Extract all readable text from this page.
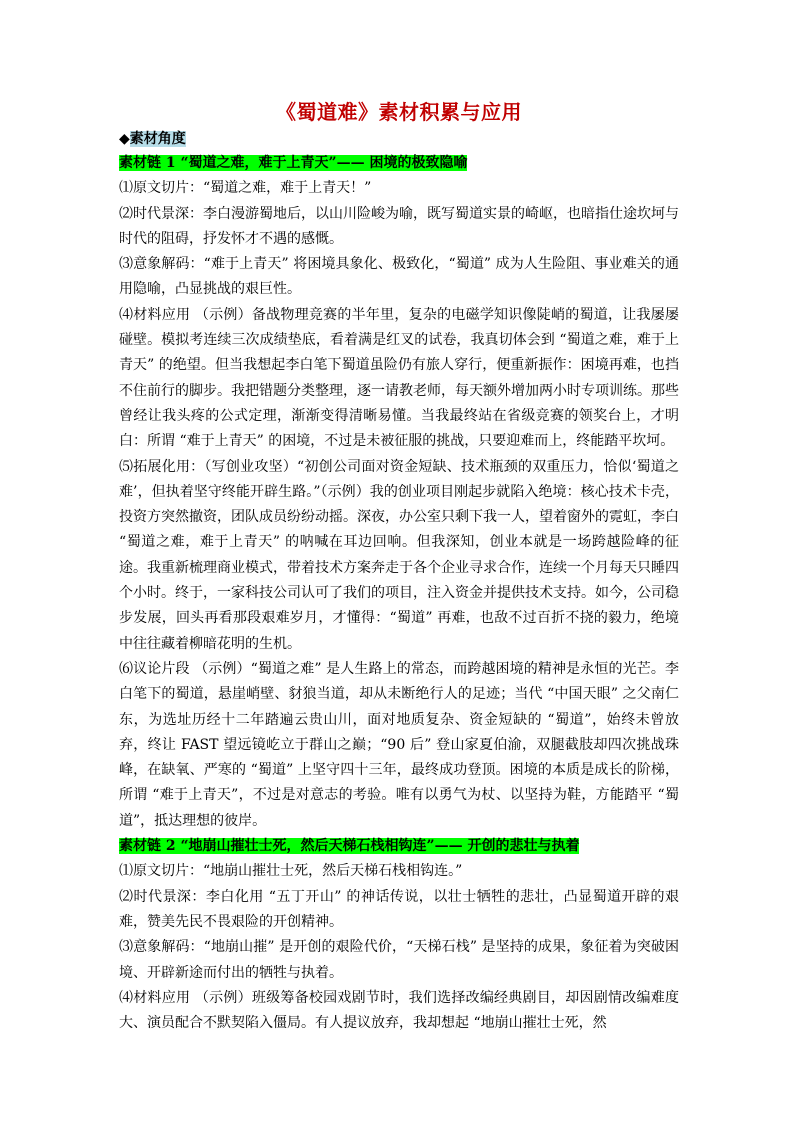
《蜀道难》素材积累与应用
◆素材角度

素材链 1 “蜀道之难，难于上青天”—— 困境的极致隐喻

⑴原文切片：“蜀道之难，难于上青天！”

⑵时代景深：李白漫游蜀地后，以山川险峻为喻，既写蜀道实景的崎岖，也暗指仕途坎坷与时代的阻碍，抒发怀才不遇的感慨。

⑶意象解码：“难于上青天” 将困境具象化、极致化，“蜀道” 成为人生险阻、事业难关的通用隐喻，凸显挑战的艰巨性。

⑷材料应用 （示例）备战物理竞赛的半年里，复杂的电磁学知识像陡峭的蜀道，让我屡屡碰壁。模拟考连续三次成绩垫底，看着满是红叉的试卷，我真切体会到 “蜀道之难，难于上青天” 的绝望。但当我想起李白笔下蜀道虽险仍有旅人穿行，便重新振作：困境再难，也挡不住前行的脚步。我把错题分类整理，逐一请教老师，每天额外增加两小时专项训练。那些曾经让我头疼的公式定理，渐渐变得清晰易懂。当我最终站在省级竞赛的领奖台上，才明白：所谓 “难于上青天” 的困境，不过是未被征服的挑战，只要迎难而上，终能踏平坎坷。

⑸拓展化用：（写创业攻坚）“初创公司面对资金短缺、技术瓶颈的双重压力，恰似‘蜀道之难’，但执着坚守终能开辟生路。”（示例）我的创业项目刚起步就陷入绝境：核心技术卡壳，投资方突然撤资，团队成员纷纷动摇。深夜，办公室只剩下我一人，望着窗外的霓虹，李白 “蜀道之难，难于上青天” 的呐喊在耳边回响。但我深知，创业本就是一场跨越险峰的征途。我重新梳理商业模式，带着技术方案奔走于各个企业寻求合作，连续一个月每天只睡四个小时。终于，一家科技公司认可了我们的项目，注入资金并提供技术支持。如今，公司稳步发展，回头再看那段艰难岁月，才懂得：“蜀道” 再难，也敌不过百折不挠的毅力，绝境中往往藏着柳暗花明的生机。

⑹议论片段 （示例）“蜀道之难” 是人生路上的常态，而跨越困境的精神是永恒的光芒。李白笔下的蜀道，悬崖峭壁、豺狼当道，却从未断绝行人的足迹；当代 “中国天眼” 之父南仁东，为选址历经十二年踏遍云贵山川，面对地质复杂、资金短缺的 “蜀道”，始终未曾放弃，终让 FAST 望远镜屹立于群山之巅；“90 后” 登山家夏伯渝，双腿截肢却四次挑战珠峰，在缺氧、严寒的 “蜀道” 上坚守四十三年，最终成功登顶。困境的本质是成长的阶梯，所谓 “难于上青天”，不过是对意志的考验。唯有以勇气为杖、以坚持为鞋，方能踏平 “蜀道”，抵达理想的彼岸。

素材链 2 “地崩山摧壮士死，然后天梯石栈相钩连”—— 开创的悲壮与执着

⑴原文切片：“地崩山摧壮士死，然后天梯石栈相钩连。”

⑵时代景深：李白化用 “五丁开山” 的神话传说，以壮士牺牲的悲壮，凸显蜀道开辟的艰难，赞美先民不畏艰险的开创精神。

⑶意象解码：“地崩山摧” 是开创的艰险代价，“天梯石栈” 是坚持的成果，象征着为突破困境、开辟新途而付出的牺牲与执着。

⑷材料应用 （示例）班级筹备校园戏剧节时，我们选择改编经典剧目，却因剧情改编难度大、演员配合不默契陷入僵局。有人提议放弃，我却想起 “地崩山摧壮士死，然
